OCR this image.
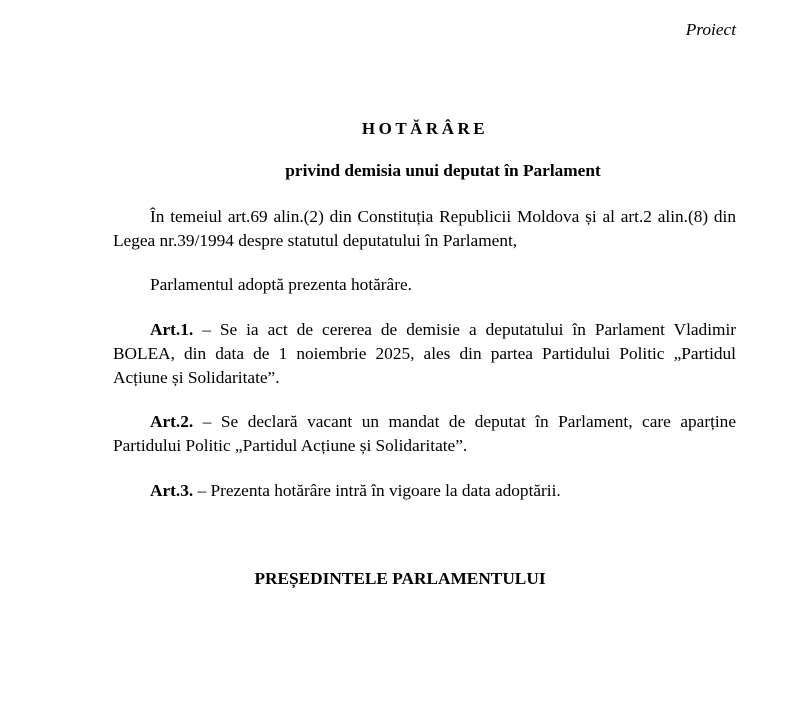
Proiect

HOTĂRÂRE

privind demisia unui deputat în Parlament

În temeiul art.69 alin.(2) din Constituția Republicii Moldova și al art.2 alin.(8) din Legea nr.39/1994 despre statutul deputatului în Parlament,

Parlamentul adoptă prezenta hotărâre.

Art.1. – Se ia act de cererea de demisie a deputatului în Parlament Vladimir BOLEA, din data de 1 noiembrie 2025, ales din partea Partidului Politic „Partidul Acțiune și Solidaritate”.

Art.2. – Se declară vacant un mandat de deputat în Parlament, care aparține Partidului Politic „Partidul Acțiune și Solidaritate”.

Art.3. – Prezenta hotărâre intră în vigoare la data adoptării.

PREȘEDINTELE PARLAMENTULUI
